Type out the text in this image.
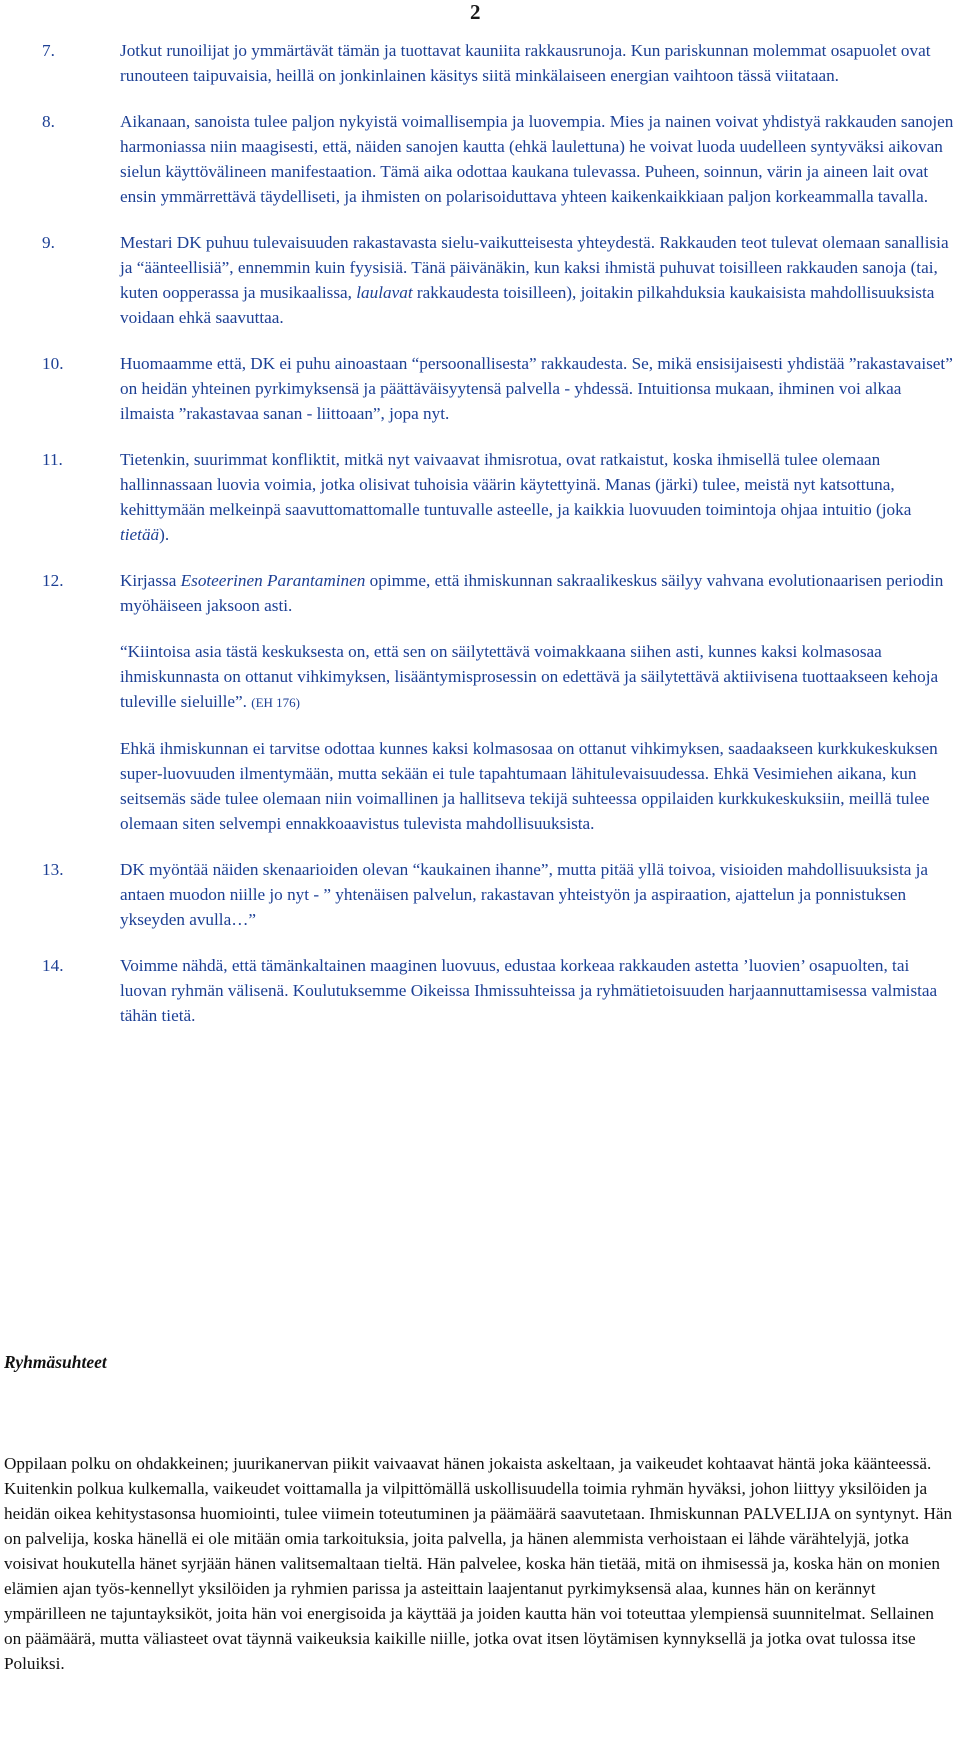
2
7.	Jotkut runoilijat jo ymmärtävät tämän ja tuottavat kauniita rakkausrunoja. Kun pariskunnan molemmat osapuolet ovat runouteen taipuvaisia, heillä on jonkinlainen käsitys siitä minkälaiseen energian vaihtoon tässä viitataan.

8.	Aikanaan, sanoista tulee paljon nykyistä voimallisempia ja luovempia. Mies ja nainen voivat yhdistyä rakkauden sanojen harmoniassa niin maagisesti, että, näiden sanojen kautta (ehkä laulettuna) he voivat luoda uudelleen syntyväksi aikovan sielun käyttövälineen manifestaation. Tämä aika odottaa kaukana tulevassa. Puheen, soinnun, värin ja aineen lait ovat ensin ymmärrettävä täydelliseti, ja ihmisten on polarisoiduttava yhteen kaikenkaikkiaan paljon korkeammalla tavalla.

9.	Mestari DK puhuu tulevaisuuden rakastavasta sielu-vaikutteisesta yhteydestä. Rakkauden teot tulevat olemaan sanallisia ja “äänteellisiä”, ennemmin kuin fyysisiä. Tänä päivänäkin, kun kaksi ihmistä puhuvat toisilleen rakkauden sanoja (tai, kuten oopperassa ja musikaalissa, laulavat rakkaudesta toisilleen), joitakin pilkahduksia kaukaisista mahdollisuuksista voidaan ehkä saavuttaa.

10.	Huomaamme että, DK ei puhu ainoastaan “persoonallisesta” rakkaudesta. Se, mikä ensisijaisesti yhdistää ”rakastavaiset” on heidän yhteinen pyrkimyksensä ja päättäväisyytensä palvella - yhdessä. Intuitionsa mukaan, ihminen voi alkaa ilmaista ”rakastavaa sanan - liittoaan”, jopa nyt.

11.	Tietenkin, suurimmat konfliktit, mitkä nyt vaivaavat ihmisrotua, ovat ratkaistut, koska ihmisellä tulee olemaan hallinnassaan luovia voimia, jotka olisivat tuhoisia väärin käytettyinä. Manas (järki) tulee, meistä nyt katsottuna, kehittymään melkeinpä saavuttomattomalle tuntuvalle asteelle, ja kaikkia luovuuden toimintoja ohjaa intuitio (joka tietää).

12.	Kirjassa Esoteerinen Parantaminen opimme, että ihmiskunnan sakraalikeskus säilyy vahvana evolutionaarisen periodin myöhäiseen jaksoon asti.

“Kiintoisa asia tästä keskuksesta on, että sen on säilytettävä voimakkaana siihen asti, kunnes kaksi kolmasosaa ihmiskunnasta on ottanut vihkimyksen, lisääntymisprosessin on edettävä ja säilytettävä aktiivisena tuottaakseen kehoja tuleville sieluille”. (EH 176)

Ehkä ihmiskunnan ei tarvitse odottaa kunnes kaksi kolmasosaa on ottanut vihkimyksen, saadaakseen kurkkukeskuksen super-luovuuden ilmentymään, mutta sekään ei tule tapahtumaan lähitulevaisuudessa. Ehkä Vesimiehen aikana, kun seitsemäs säde tulee olemaan niin voimallinen ja hallitseva tekijä suhteessa oppilaiden kurkkukeskuksiin, meillä tulee olemaan siten selvempi ennakkoaavistus tulevista mahdollisuuksista.

13.	DK myöntää näiden skenaarioiden olevan “kaukainen ihanne”, mutta pitää yllä toivoa, visioiden mahdollisuuksista ja antaen muodon niille jo nyt - ” yhtenäisen palvelun, rakastavan yhteistyön ja aspiraation, ajattelun ja ponnistuksen ykseyden avulla…”

14.	Voimme nähdä, että tämänkaltainen maaginen luovuus, edustaa korkeaa rakkauden astetta ’luovien’ osapuolten, tai luovan ryhmän välisenä. Koulutuksemme Oikeissa Ihmissuhteissa ja ryhmätietoisuuden harjaannuttamisessa valmistaa tähän tietä.

Ryhmäsuhteet

Oppilaan polku on ohdakkeinen; juurikanervan piikit vaivaavat hänen jokaista askeltaan, ja vaikeudet kohtaavat häntä joka käänteessä. Kuitenkin polkua kulkemalla, vaikeudet voittamalla ja vilpittömällä uskollisuudella toimia ryhmän hyväksi, johon liittyy yksilöiden ja heidän oikea kehitystasonsa huomiointi, tulee viimein toteutuminen ja päämäärä saavutetaan. Ihmiskunnan PALVELIJA on syntynyt. Hän on palvelija, koska hänellä ei ole mitään omia tarkoituksia, joita palvella, ja hänen alemmista verhoistaan ei lähde värähtelyjä, jotka voisivat houkutella hänet syrjään hänen valitsemaltaan tieltä. Hän palvelee, koska hän tietää, mitä on ihmisessä ja, koska hän on monien elämien ajan työs-kennellyt yksilöiden ja ryhmien parissa ja asteittain laajentanut pyrkimyksensä alaa, kunnes hän on kerännyt ympärilleen ne tajuntayksiköt, joita hän voi energisoida ja käyttää ja joiden kautta hän voi toteuttaa ylempiensä suunnitelmat. Sellainen on päämäärä, mutta väliasteet ovat täynnä vaikeuksia kaikille niille, jotka ovat itsen löytämisen kynnyksellä ja jotka ovat tulossa itse Poluiksi.
